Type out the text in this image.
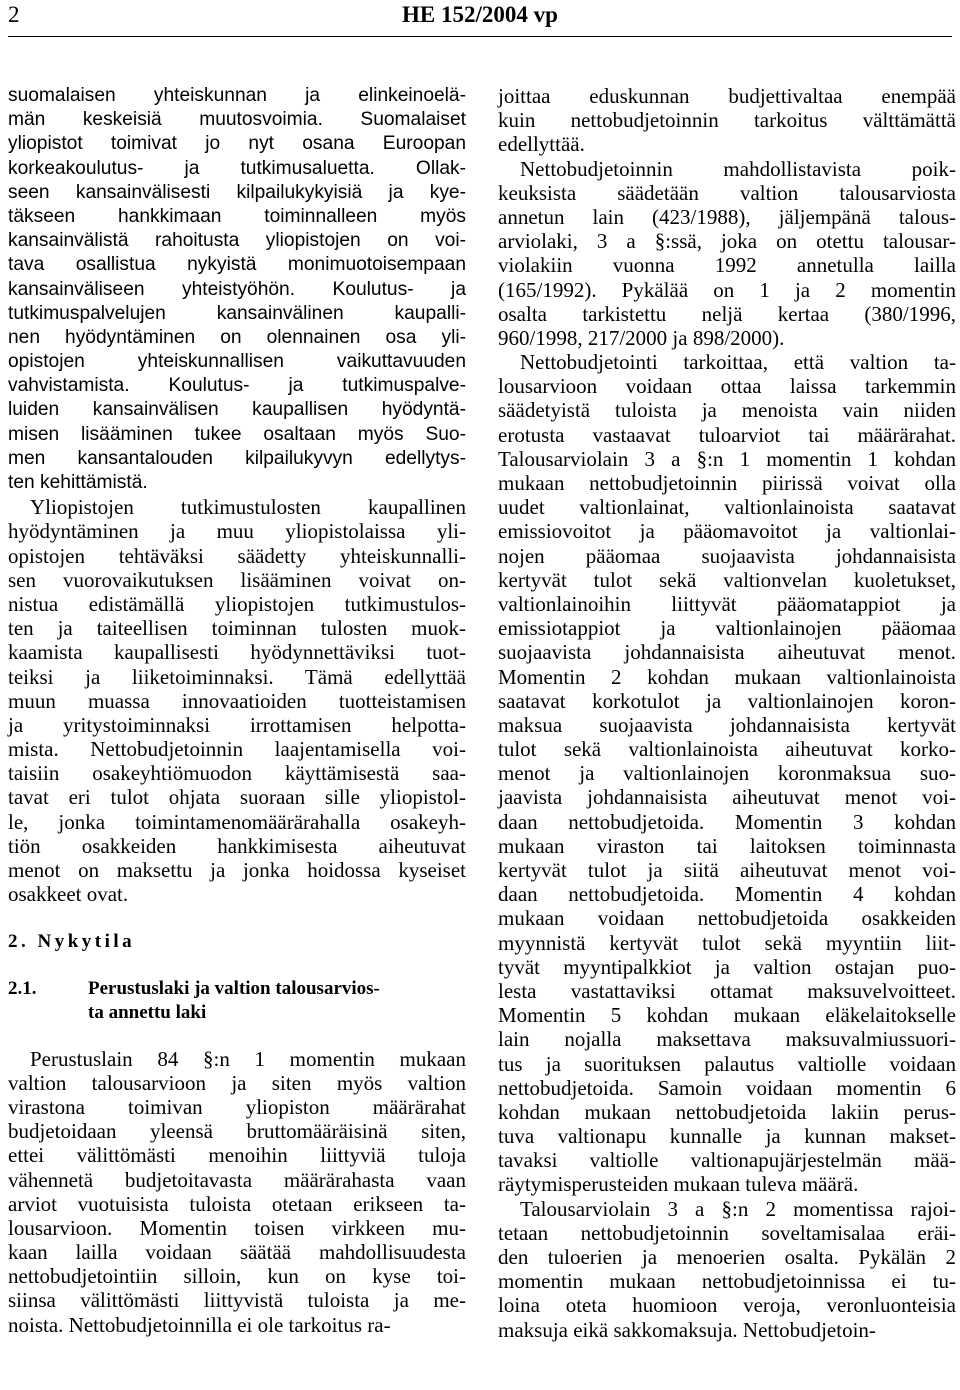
2	HE 152/2004 vp
suomalaisen yhteiskunnan ja elinkeinoelä-
män keskeisiä muutosvoimia. Suomalaiset
yliopistot toimivat jo nyt osana Euroopan
korkeakoulutus- ja tutkimusaluetta. Ollak-
seen kansainvälisesti kilpailukykyisiä ja kye-
täkseen hankkimaan toiminnalleen myös
kansainvälistä rahoitusta yliopistojen on voi-
tava osallistua nykyistä monimuotoisempaan
kansainväliseen yhteistyöhön. Koulutus- ja
tutkimuspalvelujen kansainvälinen kaupalli-
nen hyödyntäminen on olennainen osa yli-
opistojen yhteiskunnallisen vaikuttavuuden
vahvistamista. Koulutus- ja tutkimuspalve-
luiden kansainvälisen kaupallisen hyödyntä-
misen lisääminen tukee osaltaan myös Suo-
men kansantalouden kilpailukyvyn edellytys-
ten kehittämistä.
Yliopistojen tutkimustulosten kaupallinen
hyödyntäminen ja muu yliopistolaissa yli-
opistojen tehtäväksi säädetty yhteiskunnalli-
sen vuorovaikutuksen lisääminen voivat on-
nistua edistämällä yliopistojen tutkimustulos-
ten ja taiteellisen toiminnan tulosten muok-
kaamista kaupallisesti hyödynnettäviksi tuot-
teiksi ja liiketoiminnaksi. Tämä edellyttää
muun muassa innovaatioiden tuotteistamisen
ja yritystoiminnaksi irrottamisen helpotta-
mista. Nettobudjetoinnin laajentamisella voi-
taisiin osakeyhtiömuodon käyttämisestä saa-
tavat eri tulot ohjata suoraan sille yliopistol-
le, jonka toimintamenomäärärahalla osakeyh-
tiön osakkeiden hankkimisesta aiheutuvat
menot on maksettu ja jonka hoidossa kyseiset
osakkeet ovat.
2. Nykytila
2.1.	Perustuslaki ja valtion talousarvios-
ta annettu laki
Perustuslain 84 §:n 1 momentin mukaan
valtion talousarvioon ja siten myös valtion
virastona toimivan yliopiston määrärahat
budjetoidaan yleensä bruttomääräisinä siten,
ettei välittömästi menoihin liittyviä tuloja
vähennetä budjetoitavasta määrärahasta vaan
arviot vuotuisista tuloista otetaan erikseen ta-
lousarvioon. Momentin toisen virkkeen mu-
kaan lailla voidaan säätää mahdollisuudesta
nettobudjetointiin silloin, kun on kyse toi-
siinsa välittömästi liittyvistä tuloista ja me-
noista. Nettobudjetoinnilla ei ole tarkoitus ra-
joittaa eduskunnan budjettivaltaa enempää
kuin nettobudjetoinnin tarkoitus välttämättä
edellyttää.
Nettobudjetoinnin mahdollistavista poik-
keuksista säädetään valtion talousarviosta
annetun lain (423/1988), jäljempänä talous-
arviolaki, 3 a §:ssä, joka on otettu talousar-
violakiin vuonna 1992 annetulla lailla
(165/1992). Pykälää on 1 ja 2 momentin
osalta tarkistettu neljä kertaa (380/1996,
960/1998, 217/2000 ja 898/2000).
Nettobudjetointi tarkoittaa, että valtion ta-
lousarvioon voidaan ottaa laissa tarkemmin
säädetyistä tuloista ja menoista vain niiden
erotusta vastaavat tuloarviot tai määrärahat.
Talousarviolain 3 a §:n 1 momentin 1 kohdan
mukaan nettobudjetoinnin piirissä voivat olla
uudet valtionlainat, valtionlainoista saatavat
emissiovoitot ja pääomavoitot ja valtionlai-
nojen pääomaa suojaavista johdannaisista
kertyvät tulot sekä valtionvelan kuoletukset,
valtionlainoihin liittyvät pääomatappiot ja
emissiotappiot ja valtionlainojen pääomaa
suojaavista johdannaisista aiheutuvat menot.
Momentin 2 kohdan mukaan valtionlainoista
saatavat korkotulot ja valtionlainojen koron-
maksua suojaavista johdannaisista kertyvät
tulot sekä valtionlainoista aiheutuvat korko-
menot ja valtionlainojen koronmaksua suo-
jaavista johdannaisista aiheutuvat menot voi-
daan nettobudjetoida. Momentin 3 kohdan
mukaan viraston tai laitoksen toiminnasta
kertyvät tulot ja siitä aiheutuvat menot voi-
daan nettobudjetoida. Momentin 4 kohdan
mukaan voidaan nettobudjetoida osakkeiden
myynnistä kertyvät tulot sekä myyntiin liit-
tyvät myyntipalkkiot ja valtion ostajan puo-
lesta vastattaviksi ottamat maksuvelvoitteet.
Momentin 5 kohdan mukaan eläkelaitokselle
lain nojalla maksettava maksuvalmiussuori-
tus ja suorituksen palautus valtiolle voidaan
nettobudjetoida. Samoin voidaan momentin 6
kohdan mukaan nettobudjetoida lakiin perus-
tuva valtionapu kunnalle ja kunnan makset-
tavaksi valtiolle valtionapujärjestelmän mää-
räytymisperusteiden mukaan tuleva määrä.
Talousarviolain 3 a §:n 2 momentissa rajoi-
tetaan nettobudjetoinnin soveltamisalaa eräi-
den tuloerien ja menoerien osalta. Pykälän 2
momentin mukaan nettobudjetoinnissa ei tu-
loina oteta huomioon veroja, veronluonteisia
maksuja eikä sakkomaksuja. Nettobudjetoin-
